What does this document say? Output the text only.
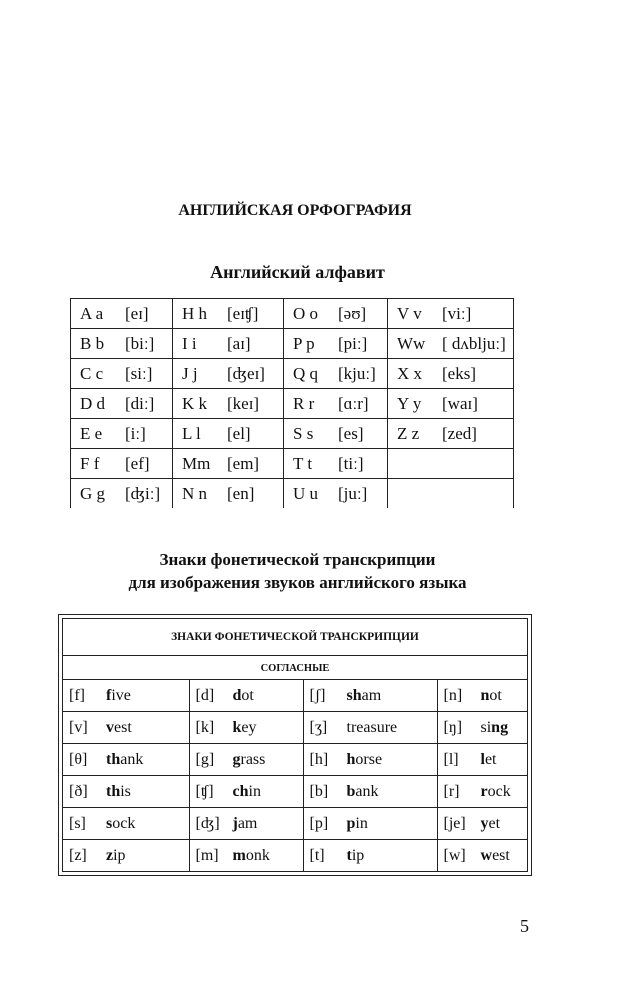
АНГЛИЙСКАЯ ОРФОГРАФИЯ
Английский алфавит
A a [eɪ]	H h [eɪʧ]	O o [əʊ]	V v [viː]
B b [biː]	I i [aɪ]	P p [piː]	Ww [ dʌbljuː]
C c [siː]	J j [ʤeɪ]	Q q [kjuː]	X x [eks]
D d [diː]	K k [keɪ]	R r [ɑːr]	Y y [waɪ]
E e [iː]	L l [el]	S s [es]	Z z [zed]
F f [ef]	Mm [em]	T t [tiː]	
G g [ʤiː]	N n [en]	U u [juː]	
Знаки фонетической транскрипции
для изображения звуков английского языка
ЗНАКИ ФОНЕТИЧЕСКОЙ ТРАНСКРИПЦИИ
СОГЛАСНЫЕ
[f] five	[d] dot	[ʃ] sham	[n] not
[v] vest	[k] key	[ʒ] treasure	[ŋ] sing
[θ] thank	[g] grass	[h] horse	[l] let
[ð] this	[ʧ] chin	[b] bank	[r] rock
[s] sock	[ʤ] jam	[p] pin	[je] yet
[z] zip	[m] monk	[t] tip	[w] west
5
